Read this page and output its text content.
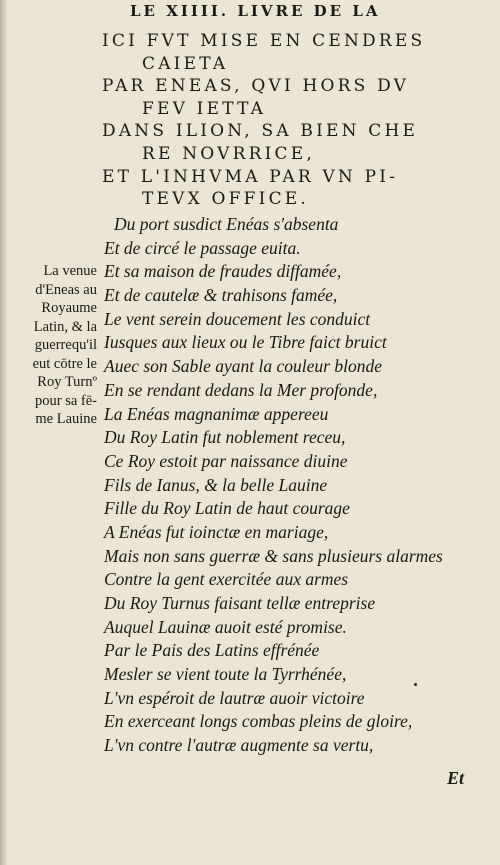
LE XIIII. LIVRE DE LA
ICI FVT MISE EN CENDRES
CAIETA
PAR ENEAS, QVI HORS DV
FEV IETTA
DANS ILION, SA BIEN CHE
RE NOVRRICE,
ET L'INHVMA PAR VN PI-
TEVX OFFICE.
La venue
d'Eneas au
Royaume
Latin, & la
guerrequ'il
eut cōtre le
Roy Turnº
pour sa fē-
me Lauine
Du port susdict Enéas s'absenta
Et de circé le passage euita.
Et sa maison de fraudes diffamée,
Et de cautelæ & trahisons famée,
Le vent serein doucement les conduict
Iusques aux lieux ou le Tibre faict bruict
Auec son Sable ayant la couleur blonde
En se rendant dedans la Mer profonde,
La Enéas magnanimæ appereeu
Du Roy Latin fut noblement receu,
Ce Roy estoit par naissance diuine
Fils de Ianus, & la belle Lauine
Fille du Roy Latin de haut courage
A Enéas fut ioinctæ en mariage,
Mais non sans guerræ & sans plusieurs alarmes
Contre la gent exercitée aux armes
Du Roy Turnus faisant tellæ entreprise
Auquel Lauinæ auoit esté promise.
Par le Pais des Latins effrénée
Mesler se vient toute la Tyrrhénée,
L'vn espéroit de lautræ auoir victoire
En exerceant longs combas pleins de gloire,
L'vn contre l'autræ augmente sa vertu,
Et
